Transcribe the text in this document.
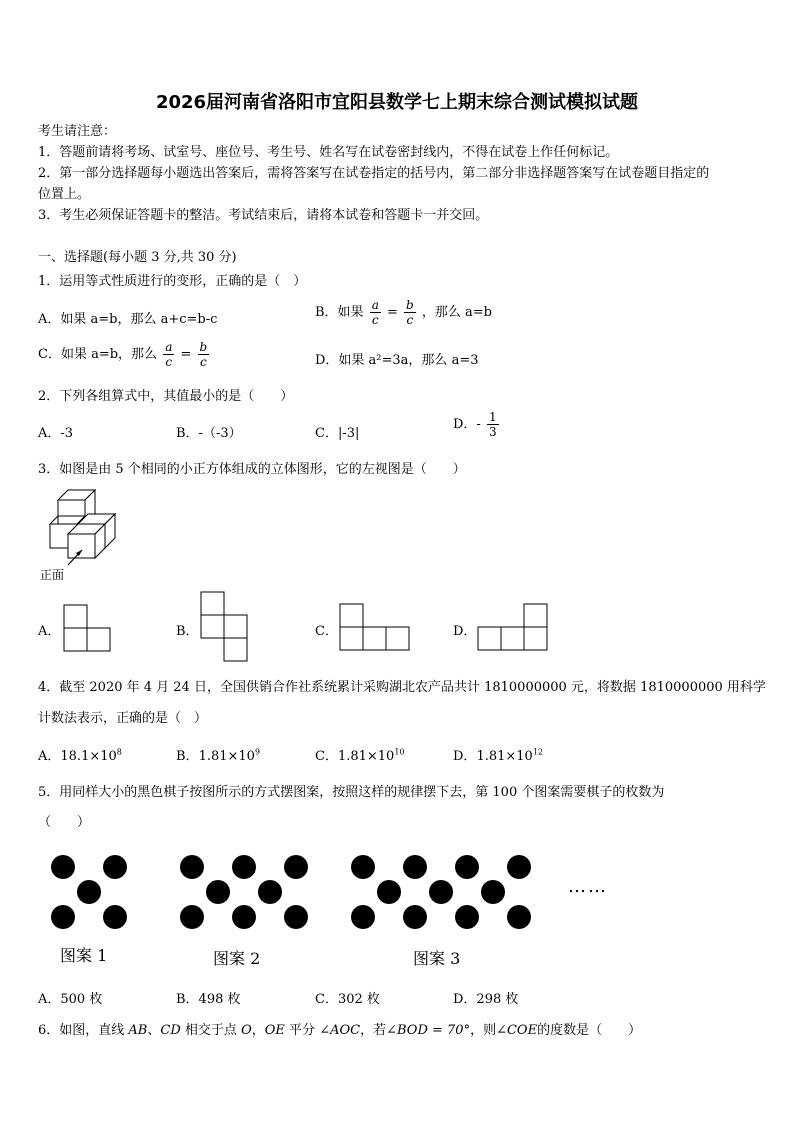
2026届河南省洛阳市宜阳县数学七上期末综合测试模拟试题
考生请注意：
1．答题前请将考场、试室号、座位号、考生号、姓名写在试卷密封线内，不得在试卷上作任何标记。
2．第一部分选择题每小题选出答案后，需将答案写在试卷指定的括号内，第二部分非选择题答案写在试卷题目指定的
位置上。
3．考生必须保证答题卡的整洁。考试结束后，请将本试卷和答题卡一并交回。
一、选择题(每小题 3 分,共 30 分)
1．运用等式性质进行的变形，正确的是（　）
A．如果 a=b，那么 a+c=b-c	B．如果 $\frac{a}{c} = \frac{b}{c}$ ，那么 a=b
C．如果 a=b，那么 $\frac{a}{c} = \frac{b}{c}$	D．如果 a²=3a，那么 a=3
2．下列各组算式中，其值最小的是（　　）
A．-3	B．-（-3）	C．|-3|
D．- $\frac{1}{3}$
3．如图是由 5 个相同的小正方体组成的立体图形，它的左视图是（　　）
正面
A．	B．	C．	D．
4．截至 2020 年 4 月 24 日，全国供销合作社系统累计采购湖北农产品共计 1810000000 元，将数据 1810000000 用科学
计数法表示，正确的是（　）
A．$18.1\times 10^8$	B．$1.81\times 10^9$	C．$1.81\times 10^{10}$	D．$1.81\times 10^{12}$
5．用同样大小的黑色棋子按图所示的方式摆图案，按照这样的规律摆下去，第 100 个图案需要棋子的枚数为
（　　）
……
图案 1	图案 2	图案 3
A．500 枚	B．498 枚	C．302 枚	D．298 枚
6．如图，直线 AB、CD 相交于点 O，OE 平分 ∠AOC，若∠BOD = 70°，则∠COE的度数是（　　）
